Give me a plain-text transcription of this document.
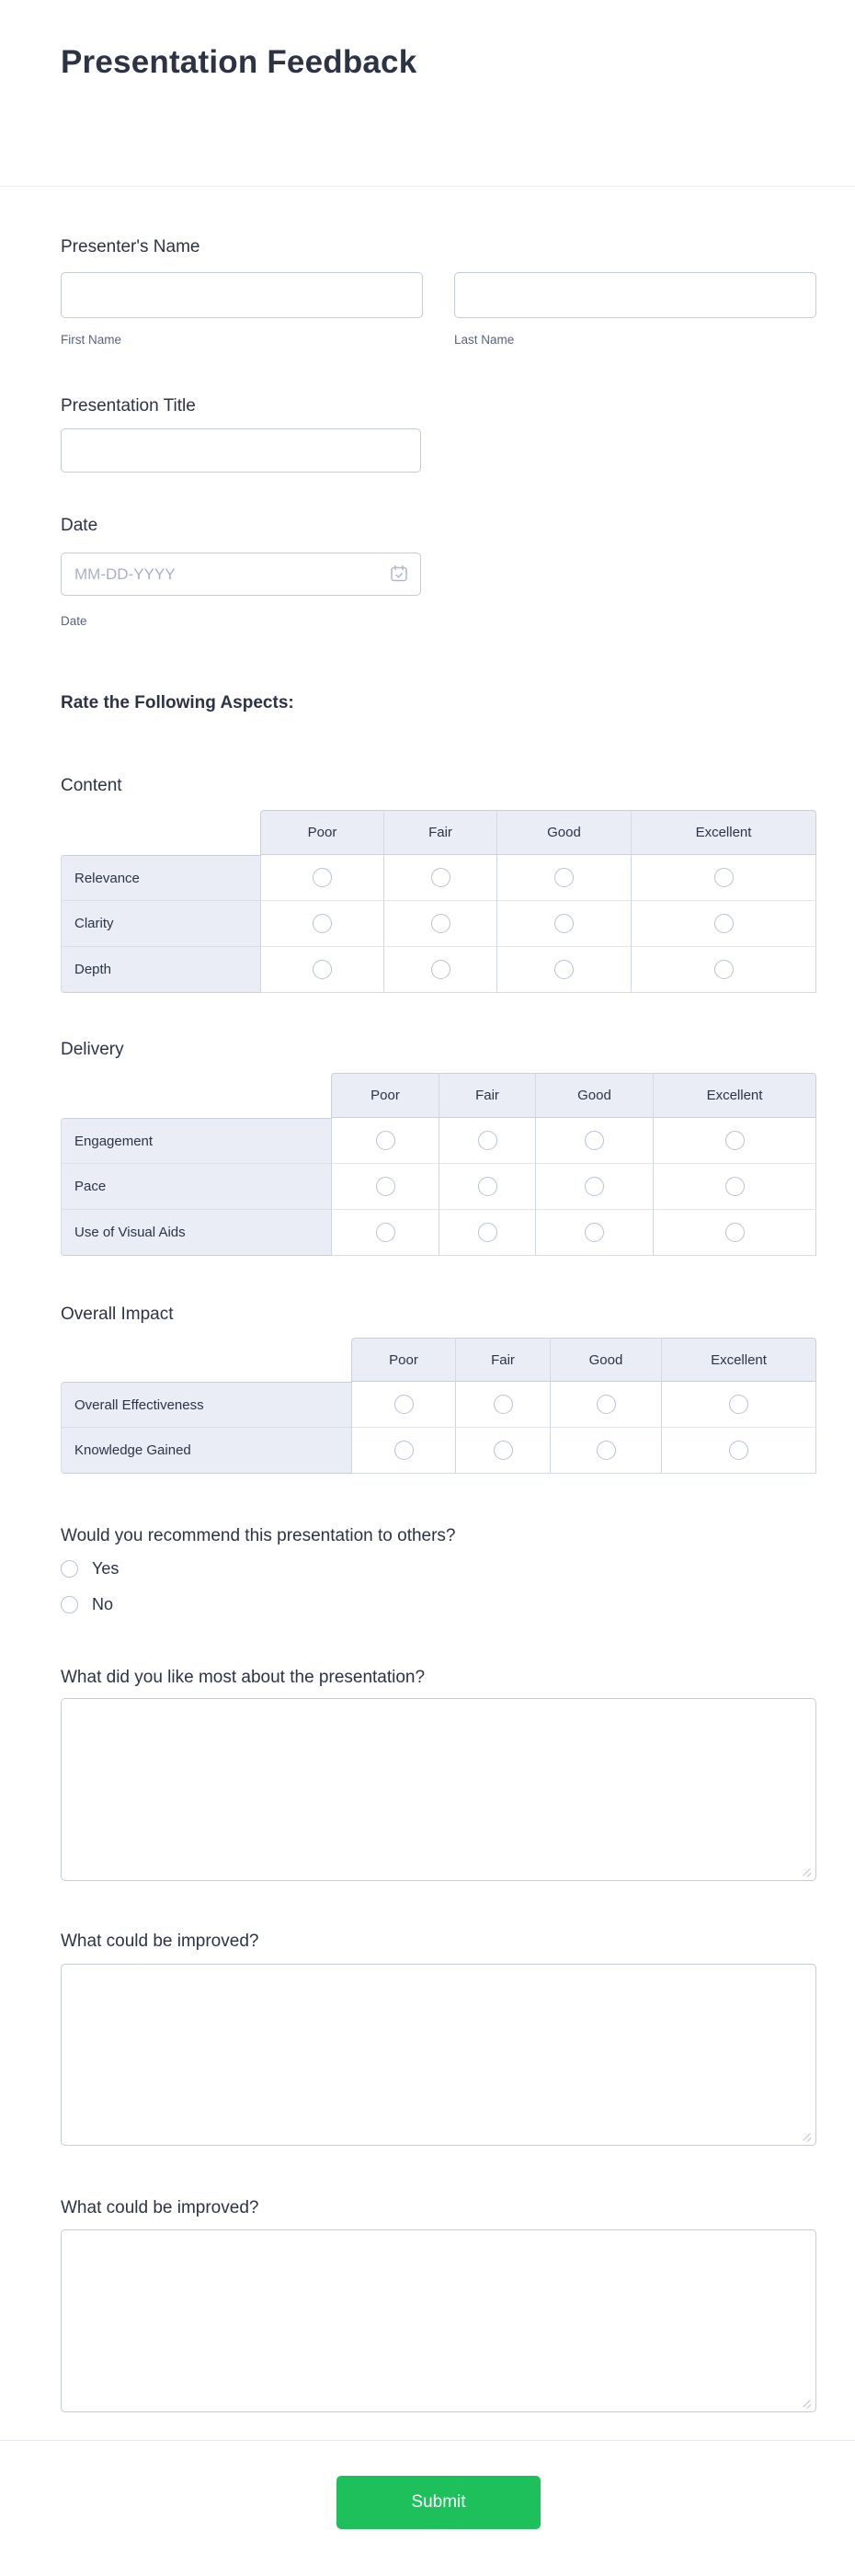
Presentation Feedback
Presenter's Name
First Name	Last Name
Presentation Title
Date
MM-DD-YYYY
Date
Rate the Following Aspects:
Content
Poor	Fair	Good	Excellent
Relevance
Clarity
Depth
Delivery
Poor	Fair	Good	Excellent
Engagement
Pace
Use of Visual Aids
Overall Impact
Poor	Fair	Good	Excellent
Overall Effectiveness
Knowledge Gained
Would you recommend this presentation to others?
Yes
No
What did you like most about the presentation?
What could be improved?
What could be improved?
Submit
